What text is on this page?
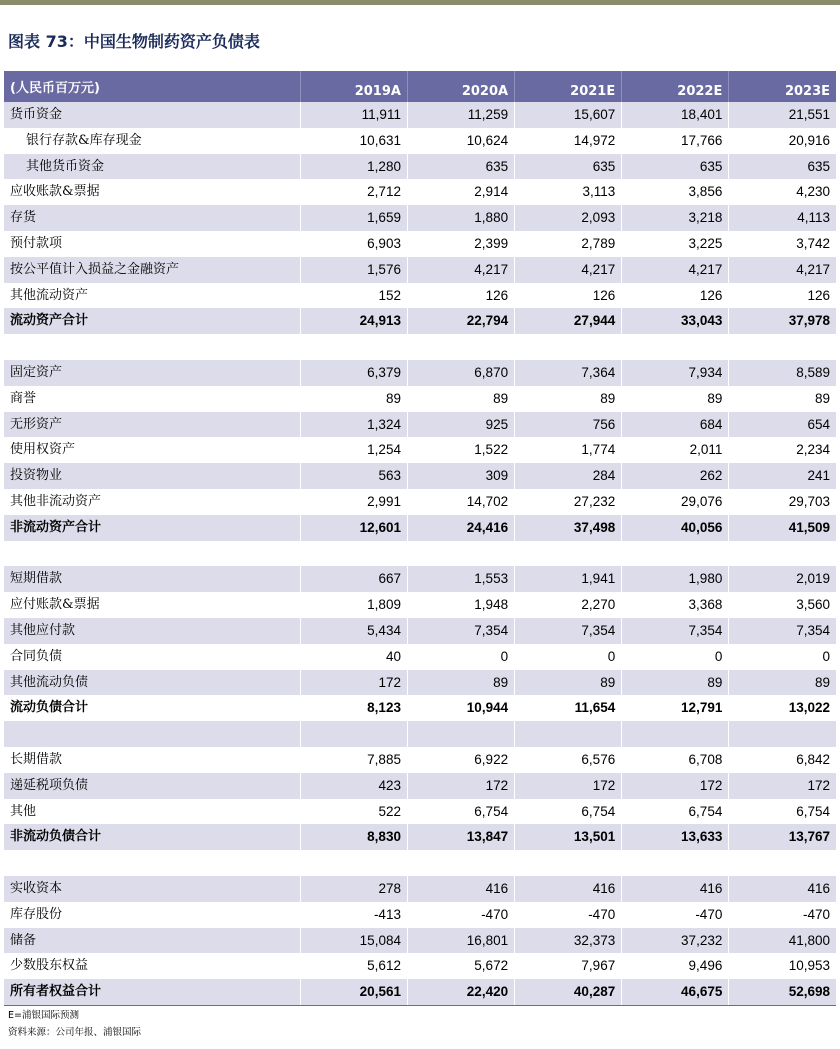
图表 73：中国生物制药资产负债表
(人民币百万元)	2019A	2020A	2021E	2022E	2023E
货币资金	11,911	11,259	15,607	18,401	21,551
银行存款&库存现金	10,631	10,624	14,972	17,766	20,916
其他货币资金	1,280	635	635	635	635
应收账款&票据	2,712	2,914	3,113	3,856	4,230
存货	1,659	1,880	2,093	3,218	4,113
预付款项	6,903	2,399	2,789	3,225	3,742
按公平值计入损益之金融资产	1,576	4,217	4,217	4,217	4,217
其他流动资产	152	126	126	126	126
流动资产合计	24,913	22,794	27,944	33,043	37,978

固定资产	6,379	6,870	7,364	7,934	8,589
商誉	89	89	89	89	89
无形资产	1,324	925	756	684	654
使用权资产	1,254	1,522	1,774	2,011	2,234
投资物业	563	309	284	262	241
其他非流动资产	2,991	14,702	27,232	29,076	29,703
非流动资产合计	12,601	24,416	37,498	40,056	41,509

短期借款	667	1,553	1,941	1,980	2,019
应付账款&票据	1,809	1,948	2,270	3,368	3,560
其他应付款	5,434	7,354	7,354	7,354	7,354
合同负债	40	0	0	0	0
其他流动负债	172	89	89	89	89
流动负债合计	8,123	10,944	11,654	12,791	13,022

长期借款	7,885	6,922	6,576	6,708	6,842
递延税项负债	423	172	172	172	172
其他	522	6,754	6,754	6,754	6,754
非流动负债合计	8,830	13,847	13,501	13,633	13,767

实收资本	278	416	416	416	416
库存股份	-413	-470	-470	-470	-470
储备	15,084	16,801	32,373	37,232	41,800
少数股东权益	5,612	5,672	7,967	9,496	10,953
所有者权益合计	20,561	22,420	40,287	46,675	52,698
E=浦银国际预测
资料来源：公司年报、浦银国际
